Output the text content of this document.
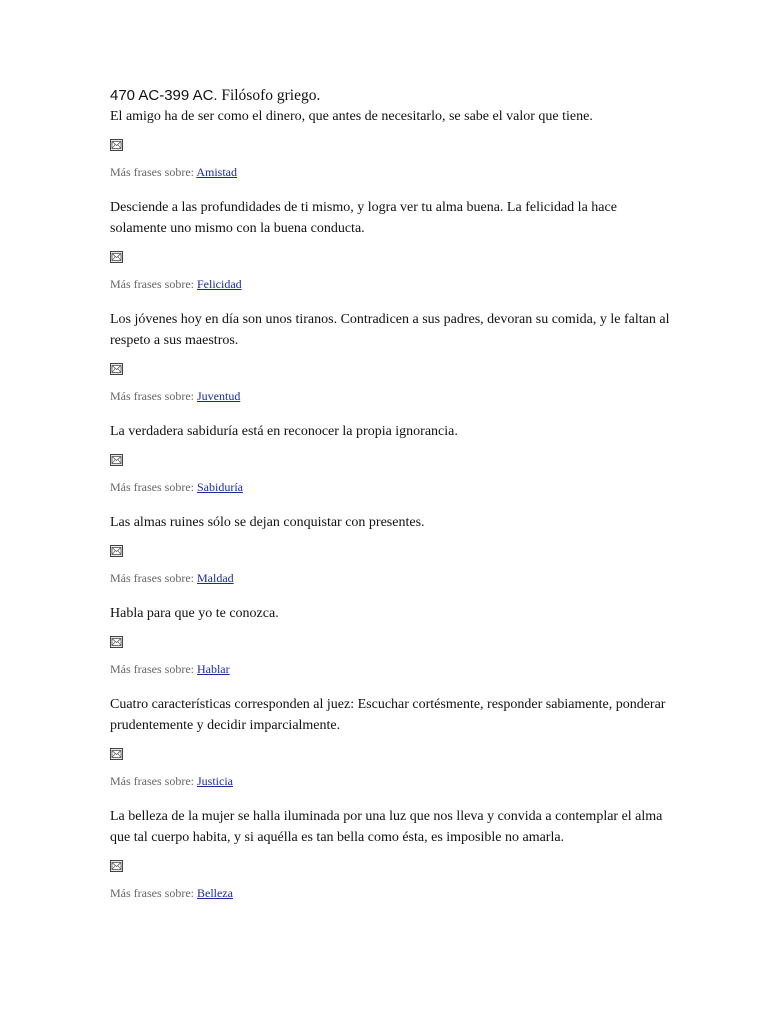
470 AC-399 AC. Filósofo griego.

El amigo ha de ser como el dinero, que antes de necesitarlo, se sabe el valor que tiene.

Más frases sobre: Amistad

Desciende a las profundidades de ti mismo, y logra ver tu alma buena. La felicidad la hace solamente uno mismo con la buena conducta.

Más frases sobre: Felicidad

Los jóvenes hoy en día son unos tiranos. Contradicen a sus padres, devoran su comida, y le faltan al respeto a sus maestros.

Más frases sobre: Juventud

La verdadera sabiduría está en reconocer la propia ignorancia.

Más frases sobre: Sabiduría

Las almas ruines sólo se dejan conquistar con presentes.

Más frases sobre: Maldad

Habla para que yo te conozca.

Más frases sobre: Hablar

Cuatro características corresponden al juez: Escuchar cortésmente, responder sabiamente, ponderar prudentemente y decidir imparcialmente.

Más frases sobre: Justicia

La belleza de la mujer se halla iluminada por una luz que nos lleva y convida a contemplar el alma que tal cuerpo habita, y si aquélla es tan bella como ésta, es imposible no amarla.

Más frases sobre: Belleza
